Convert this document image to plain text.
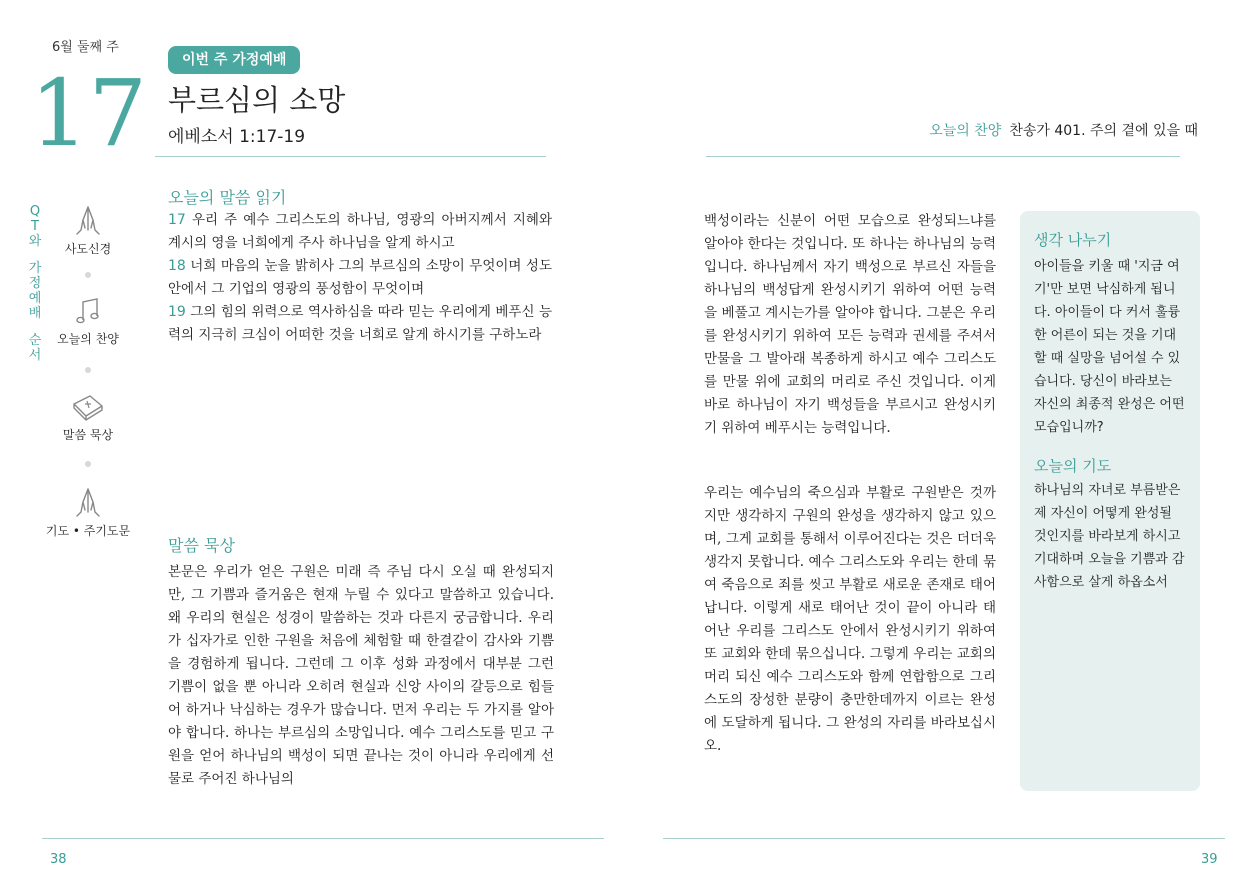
6월 둘째 주
17	이번 주 가정예배
부르심의 소망
에베소서 1:17-19
Q
T
와
가
정
예
배
순
서
사도신경
오늘의 찬양
말씀 묵상
기도 • 주기도문
오늘의 말씀 읽기
17 우리 주 예수 그리스도의 하나님, 영광의 아버지께서 지혜와 계시의 영을 너희에게 주사 하나님을 알게 하시고
18 너희 마음의 눈을 밝히사 그의 부르심의 소망이 무엇이며 성도 안에서 그 기업의 영광의 풍성함이 무엇이며
19 그의 힘의 위력으로 역사하심을 따라 믿는 우리에게 베푸신 능력의 지극히 크심이 어떠한 것을 너희로 알게 하시기를 구하노라
말씀 묵상
본문은 우리가 얻은 구원은 미래 즉 주님 다시 오실 때 완성되지만, 그 기쁨과 즐거움은 현재 누릴 수 있다고 말씀하고 있습니다. 왜 우리의 현실은 성경이 말씀하는 것과 다른지 궁금합니다. 우리가 십자가로 인한 구원을 처음에 체험할 때 한결같이 감사와 기쁨을 경험하게 됩니다. 그런데 그 이후 성화 과정에서 대부분 그런 기쁨이 없을 뿐 아니라 오히려 현실과 신앙 사이의 갈등으로 힘들어 하거나 낙심하는 경우가 많습니다. 먼저 우리는 두 가지를 알아야 합니다. 하나는 부르심의 소망입니다. 예수 그리스도를 믿고 구원을 얻어 하나님의 백성이 되면 끝나는 것이 아니라 우리에게 선물로 주어진 하나님의
38
오늘의 찬양 찬송가 401. 주의 곁에 있을 때
백성이라는 신분이 어떤 모습으로 완성되느냐를 알아야 한다는 것입니다. 또 하나는 하나님의 능력입니다. 하나님께서 자기 백성으로 부르신 자들을 하나님의 백성답게 완성시키기 위하여 어떤 능력을 베풀고 계시는가를 알아야 합니다. 그분은 우리를 완성시키기 위하여 모든 능력과 권세를 주셔서 만물을 그 발아래 복종하게 하시고 예수 그리스도를 만물 위에 교회의 머리로 주신 것입니다. 이게 바로 하나님이 자기 백성들을 부르시고 완성시키기 위하여 베푸시는 능력입니다.
우리는 예수님의 죽으심과 부활로 구원받은 것까지만 생각하지 구원의 완성을 생각하지 않고 있으며, 그게 교회를 통해서 이루어진다는 것은 더더욱 생각지 못합니다. 예수 그리스도와 우리는 한데 묶여 죽음으로 죄를 씻고 부활로 새로운 존재로 태어납니다. 이렇게 새로 태어난 것이 끝이 아니라 태어난 우리를 그리스도 안에서 완성시키기 위하여 또 교회와 한데 묶으십니다. 그렇게 우리는 교회의 머리 되신 예수 그리스도와 함께 연합함으로 그리스도의 장성한 분량이 충만한데까지 이르는 완성에 도달하게 됩니다. 그 완성의 자리를 바라보십시오.
생각 나누기
아이들을 키울 때 '지금 여기'만 보면 낙심하게 됩니다. 아이들이 다 커서 훌륭한 어른이 되는 것을 기대할 때 실망을 넘어설 수 있습니다. 당신이 바라보는 자신의 최종적 완성은 어떤 모습입니까?
오늘의 기도
하나님의 자녀로 부름받은 제 자신이 어떻게 완성될 것인지를 바라보게 하시고 기대하며 오늘을 기쁨과 감사함으로 살게 하옵소서
39
